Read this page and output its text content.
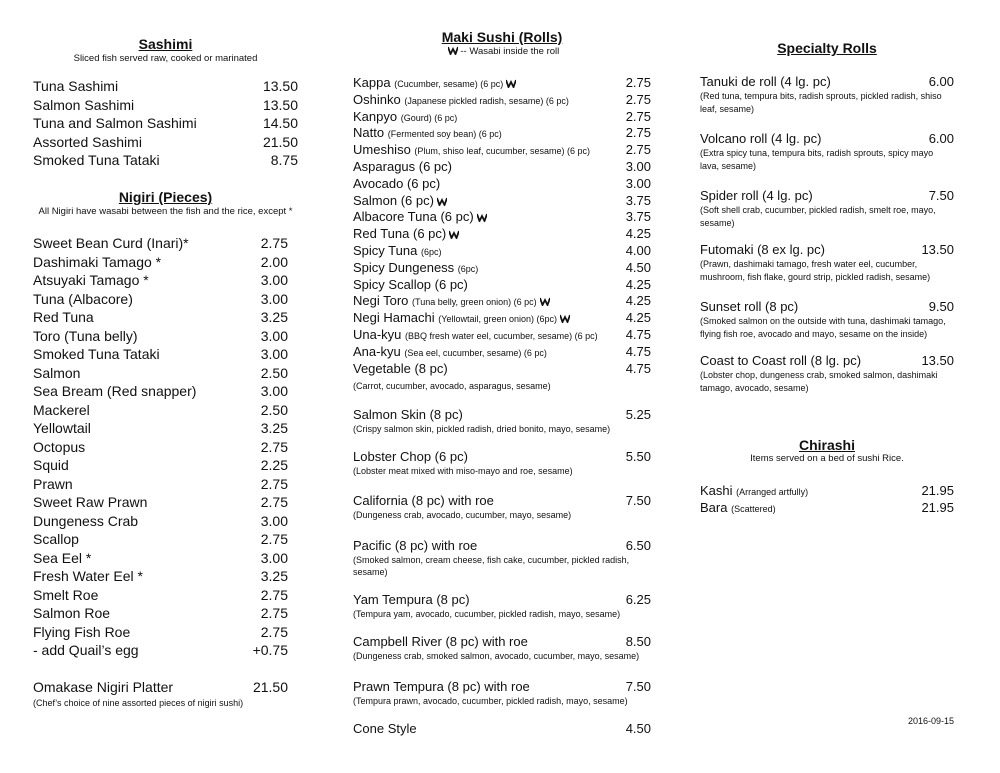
Sashimi
Sliced fish served raw, cooked or marinated
Tuna Sashimi	13.50
Salmon Sashimi	13.50
Tuna and Salmon Sashimi	14.50
Assorted Sashimi	21.50
Smoked Tuna Tataki	8.75
Nigiri (Pieces)
All Nigiri have wasabi between the fish and the rice, except *
Sweet Bean Curd (Inari)*	2.75
Dashimaki Tamago *	2.00
Atsuyaki Tamago *	3.00
Tuna (Albacore)	3.00
Red Tuna	3.25
Toro (Tuna belly)	3.00
Smoked Tuna Tataki	3.00
Salmon	2.50
Sea Bream (Red snapper)	3.00
Mackerel	2.50
Yellowtail	3.25
Octopus	2.75
Squid	2.25
Prawn	2.75
Sweet Raw Prawn	2.75
Dungeness Crab	3.00
Scallop	2.75
Sea Eel *	3.00
Fresh Water Eel *	3.25
Smelt Roe	2.75
Salmon Roe	2.75
Flying Fish Roe	2.75
- add Quail’s egg	+0.75
Omakase Nigiri Platter	21.50
(Chef’s choice of nine assorted pieces of nigiri sushi)
Maki Sushi (Rolls)
-- Wasabi inside the roll
Kappa (Cucumber, sesame) (6 pc)	2.75
Oshinko (Japanese pickled radish, sesame) (6 pc)	2.75
Kanpyo (Gourd) (6 pc)	2.75
Natto (Fermented soy bean) (6 pc)	2.75
Umeshiso (Plum, shiso leaf, cucumber, sesame) (6 pc)	2.75
Asparagus (6 pc)	3.00
Avocado (6 pc)	3.00
Salmon (6 pc)	3.75
Albacore Tuna (6 pc)	3.75
Red Tuna (6 pc)	4.25
Spicy Tuna (6pc)	4.00
Spicy Dungeness (6pc)	4.50
Spicy Scallop (6 pc)	4.25
Negi Toro (Tuna belly, green onion) (6 pc)	4.25
Negi Hamachi (Yellowtail, green onion) (6pc)	4.25
Una-kyu (BBQ fresh water eel, cucumber, sesame) (6 pc) 4.75
Ana-kyu (Sea eel, cucumber, sesame) (6 pc)	4.75
Vegetable (8 pc)	4.75
(Carrot, cucumber, avocado, asparagus, sesame)
Salmon Skin (8 pc)	5.25
(Crispy salmon skin, pickled radish, dried bonito, mayo, sesame)
Lobster Chop (6 pc)	5.50
(Lobster meat mixed with miso-mayo and roe, sesame)
California (8 pc) with roe	7.50
(Dungeness crab, avocado, cucumber, mayo, sesame)
Pacific (8 pc) with roe	6.50
(Smoked salmon, cream cheese, fish cake, cucumber, pickled radish, sesame)
Yam Tempura (8 pc)	6.25
(Tempura yam, avocado, cucumber, pickled radish, mayo, sesame)
Campbell River (8 pc) with roe	8.50
(Dungeness crab, smoked salmon, avocado, cucumber, mayo, sesame)
Prawn Tempura (8 pc) with roe	7.50
(Tempura prawn, avocado, cucumber, pickled radish, mayo, sesame)
Cone Style	4.50
Specialty Rolls
Tanuki de roll (4 lg. pc)	6.00
(Red tuna, tempura bits, radish sprouts, pickled radish, shiso leaf, sesame)
Volcano roll (4 lg. pc)	6.00
(Extra spicy tuna, tempura bits, radish sprouts, spicy mayo lava, sesame)
Spider roll (4 lg. pc)	7.50
(Soft shell crab, cucumber, pickled radish, smelt roe, mayo, sesame)
Futomaki (8 ex lg. pc)	13.50
(Prawn, dashimaki tamago, fresh water eel, cucumber, mushroom, fish flake, gourd strip, pickled radish, sesame)
Sunset roll (8 pc)	9.50
(Smoked salmon on the outside with tuna, dashimaki tamago, flying fish roe, avocado and mayo, sesame on the inside)
Coast to Coast roll (8 lg. pc)	13.50
(Lobster chop, dungeness crab, smoked salmon, dashimaki tamago, avocado, sesame)
Chirashi
Items served on a bed of sushi Rice.
Kashi (Arranged artfully)	21.95
Bara (Scattered)	21.95
2016-09-15
